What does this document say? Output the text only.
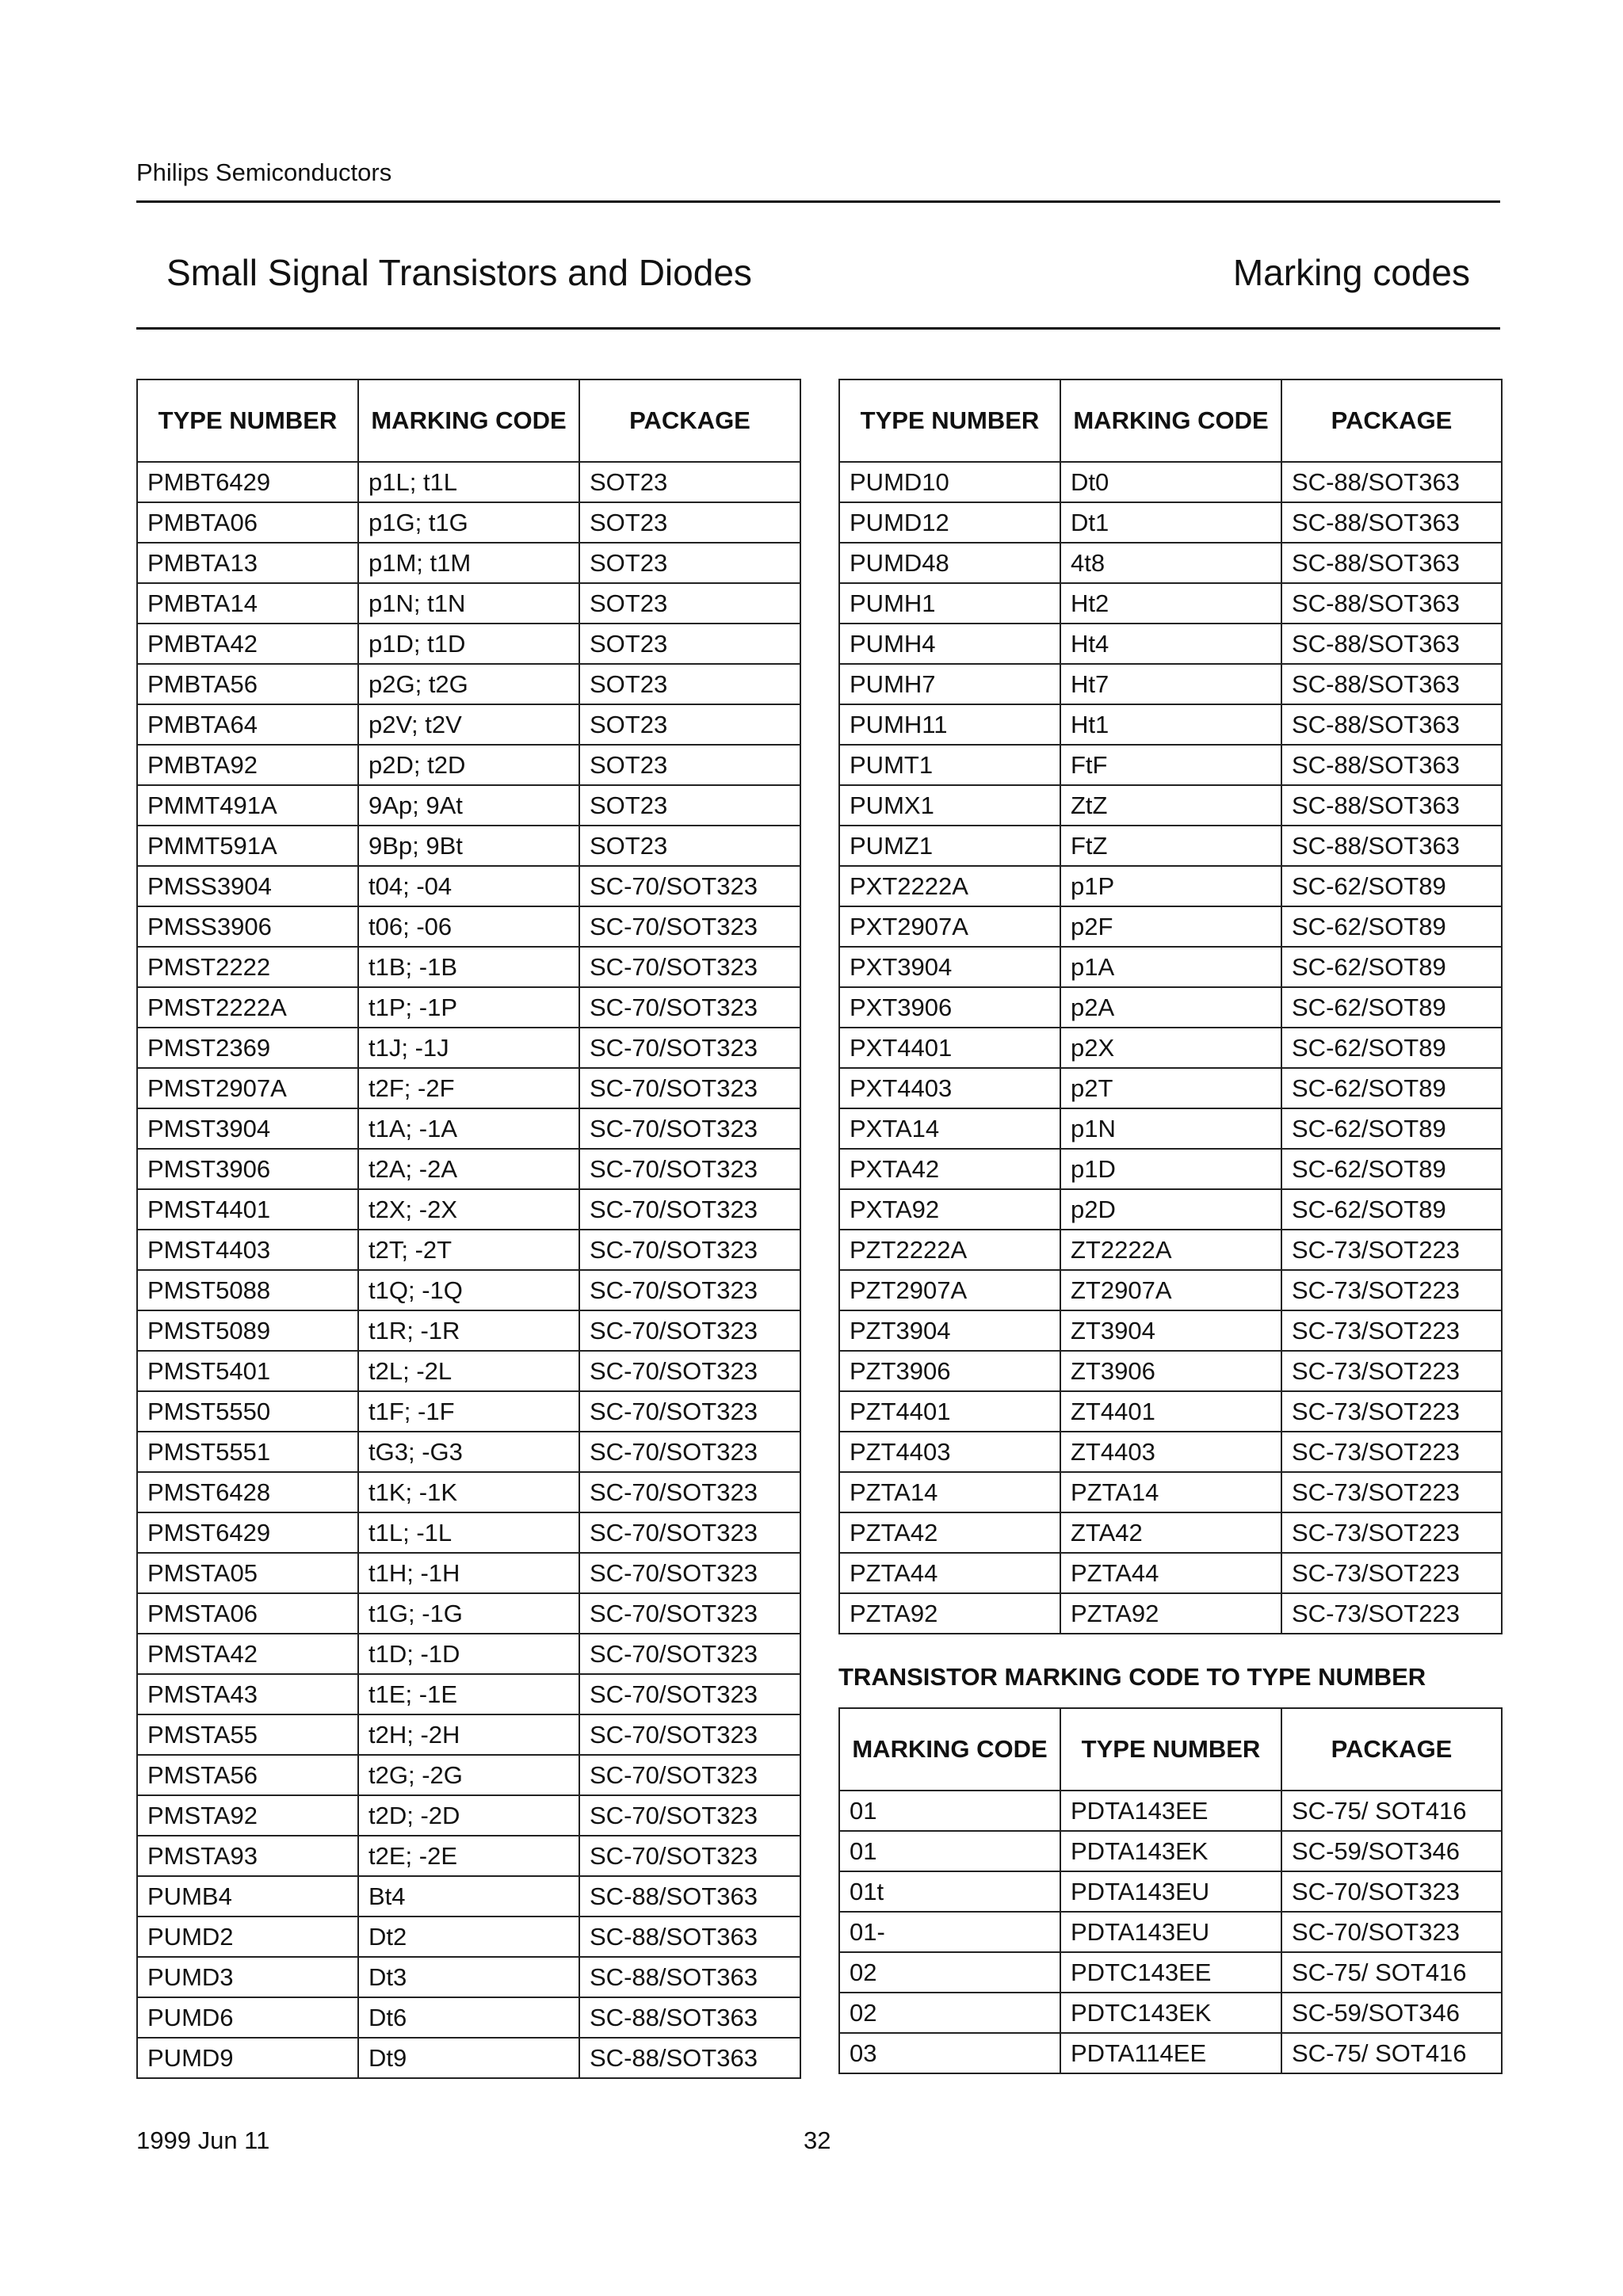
Philips Semiconductors
Small Signal Transistors and Diodes	Marking codes
TYPE NUMBER	MARKING CODE	PACKAGE
PMBT6429	p1L; t1L	SOT23
PMBTA06	p1G; t1G	SOT23
PMBTA13	p1M; t1M	SOT23
PMBTA14	p1N; t1N	SOT23
PMBTA42	p1D; t1D	SOT23
PMBTA56	p2G; t2G	SOT23
PMBTA64	p2V; t2V	SOT23
PMBTA92	p2D; t2D	SOT23
PMMT491A	9Ap; 9At	SOT23
PMMT591A	9Bp; 9Bt	SOT23
PMSS3904	t04; -04	SC-70/SOT323
PMSS3906	t06; -06	SC-70/SOT323
PMST2222	t1B; -1B	SC-70/SOT323
PMST2222A	t1P; -1P	SC-70/SOT323
PMST2369	t1J; -1J	SC-70/SOT323
PMST2907A	t2F; -2F	SC-70/SOT323
PMST3904	t1A; -1A	SC-70/SOT323
PMST3906	t2A; -2A	SC-70/SOT323
PMST4401	t2X; -2X	SC-70/SOT323
PMST4403	t2T; -2T	SC-70/SOT323
PMST5088	t1Q; -1Q	SC-70/SOT323
PMST5089	t1R; -1R	SC-70/SOT323
PMST5401	t2L; -2L	SC-70/SOT323
PMST5550	t1F; -1F	SC-70/SOT323
PMST5551	tG3; -G3	SC-70/SOT323
PMST6428	t1K; -1K	SC-70/SOT323
PMST6429	t1L; -1L	SC-70/SOT323
PMSTA05	t1H; -1H	SC-70/SOT323
PMSTA06	t1G; -1G	SC-70/SOT323
PMSTA42	t1D; -1D	SC-70/SOT323
PMSTA43	t1E; -1E	SC-70/SOT323
PMSTA55	t2H; -2H	SC-70/SOT323
PMSTA56	t2G; -2G	SC-70/SOT323
PMSTA92	t2D; -2D	SC-70/SOT323
PMSTA93	t2E; -2E	SC-70/SOT323
PUMB4	Bt4	SC-88/SOT363
PUMD2	Dt2	SC-88/SOT363
PUMD3	Dt3	SC-88/SOT363
PUMD6	Dt6	SC-88/SOT363
PUMD9	Dt9	SC-88/SOT363
TYPE NUMBER	MARKING CODE	PACKAGE
PUMD10	Dt0	SC-88/SOT363
PUMD12	Dt1	SC-88/SOT363
PUMD48	4t8	SC-88/SOT363
PUMH1	Ht2	SC-88/SOT363
PUMH4	Ht4	SC-88/SOT363
PUMH7	Ht7	SC-88/SOT363
PUMH11	Ht1	SC-88/SOT363
PUMT1	FtF	SC-88/SOT363
PUMX1	ZtZ	SC-88/SOT363
PUMZ1	FtZ	SC-88/SOT363
PXT2222A	p1P	SC-62/SOT89
PXT2907A	p2F	SC-62/SOT89
PXT3904	p1A	SC-62/SOT89
PXT3906	p2A	SC-62/SOT89
PXT4401	p2X	SC-62/SOT89
PXT4403	p2T	SC-62/SOT89
PXTA14	p1N	SC-62/SOT89
PXTA42	p1D	SC-62/SOT89
PXTA92	p2D	SC-62/SOT89
PZT2222A	ZT2222A	SC-73/SOT223
PZT2907A	ZT2907A	SC-73/SOT223
PZT3904	ZT3904	SC-73/SOT223
PZT3906	ZT3906	SC-73/SOT223
PZT4401	ZT4401	SC-73/SOT223
PZT4403	ZT4403	SC-73/SOT223
PZTA14	PZTA14	SC-73/SOT223
PZTA42	ZTA42	SC-73/SOT223
PZTA44	PZTA44	SC-73/SOT223
PZTA92	PZTA92	SC-73/SOT223
TRANSISTOR MARKING CODE TO TYPE NUMBER
MARKING CODE	TYPE NUMBER	PACKAGE
01	PDTA143EE	SC-75/ SOT416
01	PDTA143EK	SC-59/SOT346
01t	PDTA143EU	SC-70/SOT323
01-	PDTA143EU	SC-70/SOT323
02	PDTC143EE	SC-75/ SOT416
02	PDTC143EK	SC-59/SOT346
03	PDTA114EE	SC-75/ SOT416
1999 Jun 11	32
